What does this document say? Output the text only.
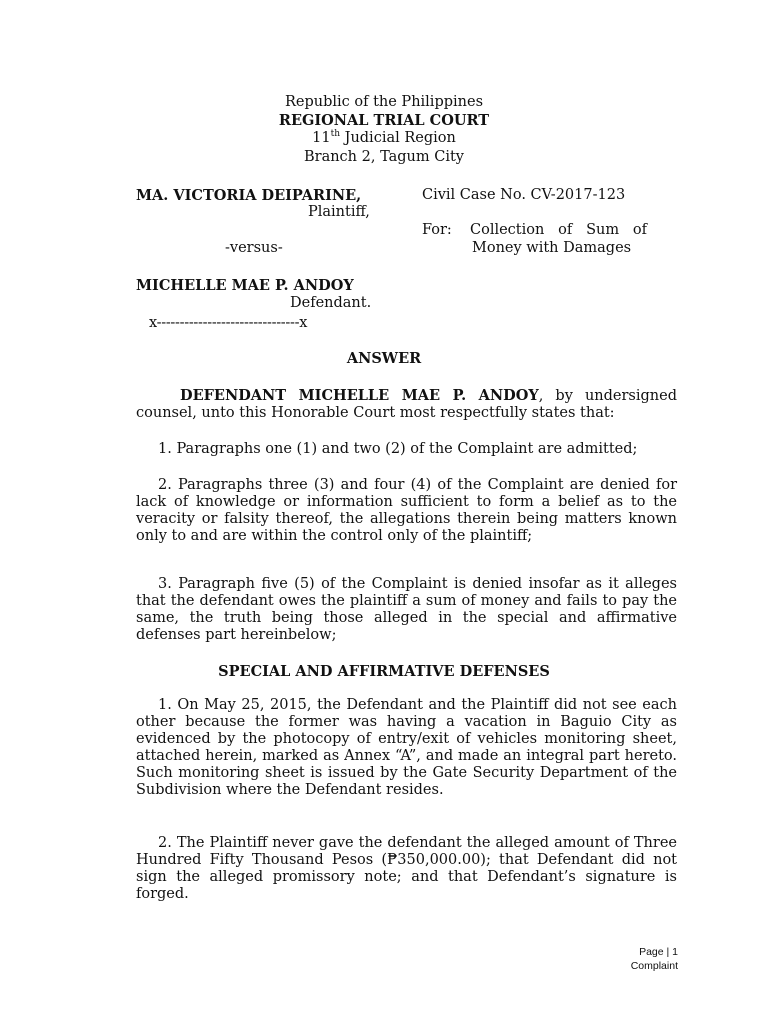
Republic of the Philippines
REGIONAL TRIAL COURT
11th Judicial Region
Branch 2, Tagum City
MA. VICTORIA DEIPARINE,
Plaintiff,
-versus-
MICHELLE MAE P. ANDOY
Defendant.
x-------------------------------x
Civil Case No. CV-2017-123
For: Collection   of   Sum   of
Money with Damages
ANSWER
DEFENDANT MICHELLE MAE P. ANDOY, by undersigned counsel, unto this Honorable Court most respectfully states that:
1. Paragraphs one (1) and two (2) of the Complaint are admitted;
2. Paragraphs three (3) and four (4) of the Complaint are denied for lack of knowledge or information sufficient to form a belief as to the veracity or falsity thereof, the allegations therein being matters known only to and are within the control only of the plaintiff;
3. Paragraph five (5) of the Complaint is denied insofar as it alleges that the defendant owes the plaintiff a sum of money and fails to pay the same, the truth being those alleged in the special and affirmative defenses part hereinbelow;
SPECIAL AND AFFIRMATIVE DEFENSES
1. On May 25, 2015, the Defendant and the Plaintiff did not see each other because the former was having a vacation in Baguio City as evidenced by the photocopy of entry/exit of vehicles monitoring sheet, attached herein, marked as Annex “A”, and made an integral part hereto. Such monitoring sheet is issued by the Gate Security Department of the Subdivision where the Defendant resides.
2. The Plaintiff never gave the defendant the alleged amount of Three Hundred Fifty Thousand Pesos (₱350,000.00); that Defendant did not sign the alleged promissory note; and that Defendant’s signature is forged.
Page | 1
Complaint
